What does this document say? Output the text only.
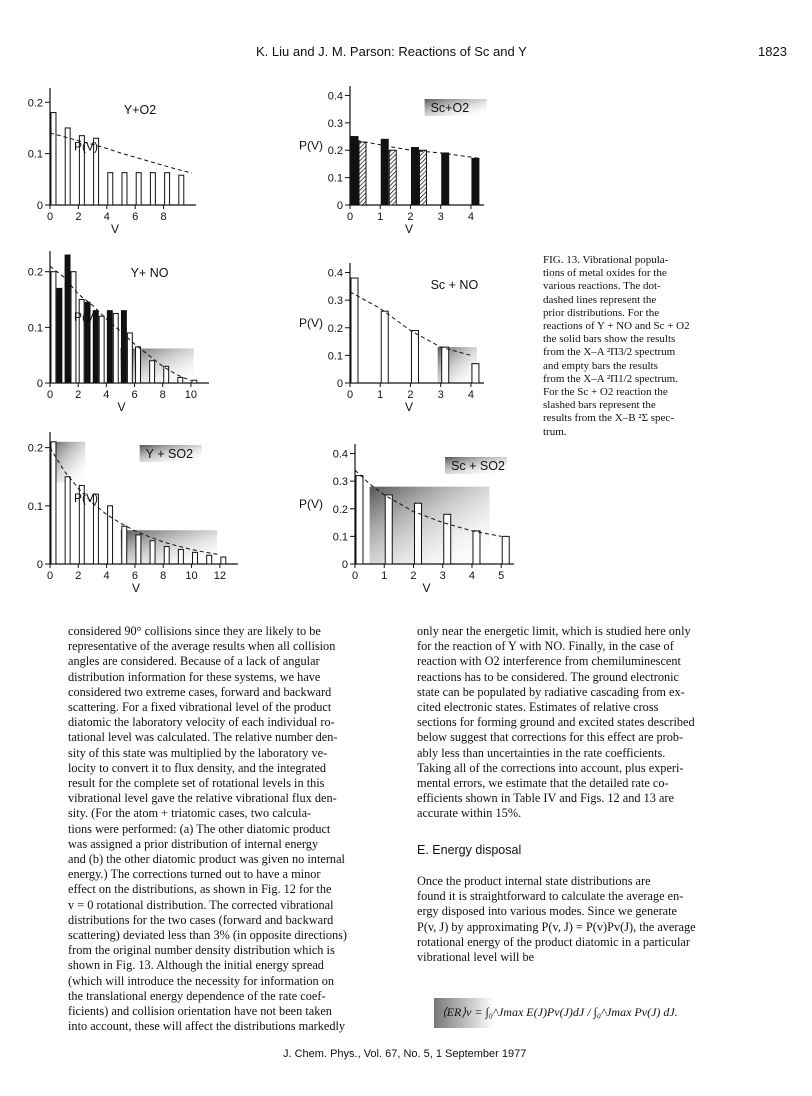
K. Liu and J. M. Parson: Reactions of Sc and Y	1823
0
0.1
0.2
0 2 4 6 8
Y+O2
P(V)
V
0
0.1
0.2
0.3
0.4
0 1 2 3 4
Sc+O2
P(V)
V
0
0.1
0.2
0 2 4 6 8 10
Y+ NO
P(V)
V
0
0.1
0.2
0.3
0.4
0 1 2 3 4
Sc + NO
P(V)
V
0
0.1
0.2
0 2 4 6 8 10 12
Y + SO2
P(V)
V
0
0.1
0.2
0.3
0.4
0 1 2 3 4 5
Sc + SO2
P(V)
V
FIG. 13. Vibrational popula-
tions of metal oxides for the
various reactions. The dot-
dashed lines represent the
prior distributions. For the
reactions of Y + NO and Sc + O2
the solid bars show the results
from the X–A ²Π3/2 spectrum
and empty bars the results
from the X–A ²Π1/2 spectrum.
For the Sc + O2 reaction the
slashed bars represent the
results from the X–B ²Σ spec-
trum.
considered 90° collisions since they are likely to be
representative of the average results when all collision
angles are considered. Because of a lack of angular
distribution information for these systems, we have
considered two extreme cases, forward and backward
scattering. For a fixed vibrational level of the product
diatomic the laboratory velocity of each individual ro-
tational level was calculated. The relative number den-
sity of this state was multiplied by the laboratory ve-
locity to convert it to flux density, and the integrated
result for the complete set of rotational levels in this
vibrational level gave the relative vibrational flux den-
sity. (For the atom + triatomic cases, two calcula-
tions were performed: (a) The other diatomic product
was assigned a prior distribution of internal energy
and (b) the other diatomic product was given no internal
energy.) The corrections turned out to have a minor
effect on the distributions, as shown in Fig. 12 for the
v = 0 rotational distribution. The corrected vibrational
distributions for the two cases (forward and backward
scattering) deviated less than 3% (in opposite directions)
from the original number density distribution which is
shown in Fig. 13. Although the initial energy spread
(which will introduce the necessity for information on
the translational energy dependence of the rate coef-
ficients) and collision orientation have not been taken
into account, these will affect the distributions markedly
only near the energetic limit, which is studied here only
for the reaction of Y with NO. Finally, in the case of
reaction with O2 interference from chemiluminescent
reactions has to be considered. The ground electronic
state can be populated by radiative cascading from ex-
cited electronic states. Estimates of relative cross
sections for forming ground and excited states described
below suggest that corrections for this effect are prob-
ably less than uncertainties in the rate coefficients.
Taking all of the corrections into account, plus experi-
mental errors, we estimate that the detailed rate co-
efficients shown in Table IV and Figs. 12 and 13 are
accurate within 15%.
E. Energy disposal
Once the product internal state distributions are
found it is straightforward to calculate the average en-
ergy disposed into various modes. Since we generate
P(v, J) by approximating P(v, J) = P(v)Pv(J), the average
rotational energy of the product diatomic in a particular
vibrational level will be
⟨ER⟩v = ∫₀^Jmax E(J)Pv(J)dJ / ∫₀^Jmax Pv(J) dJ.
J. Chem. Phys., Vol. 67, No. 5, 1 September 1977
